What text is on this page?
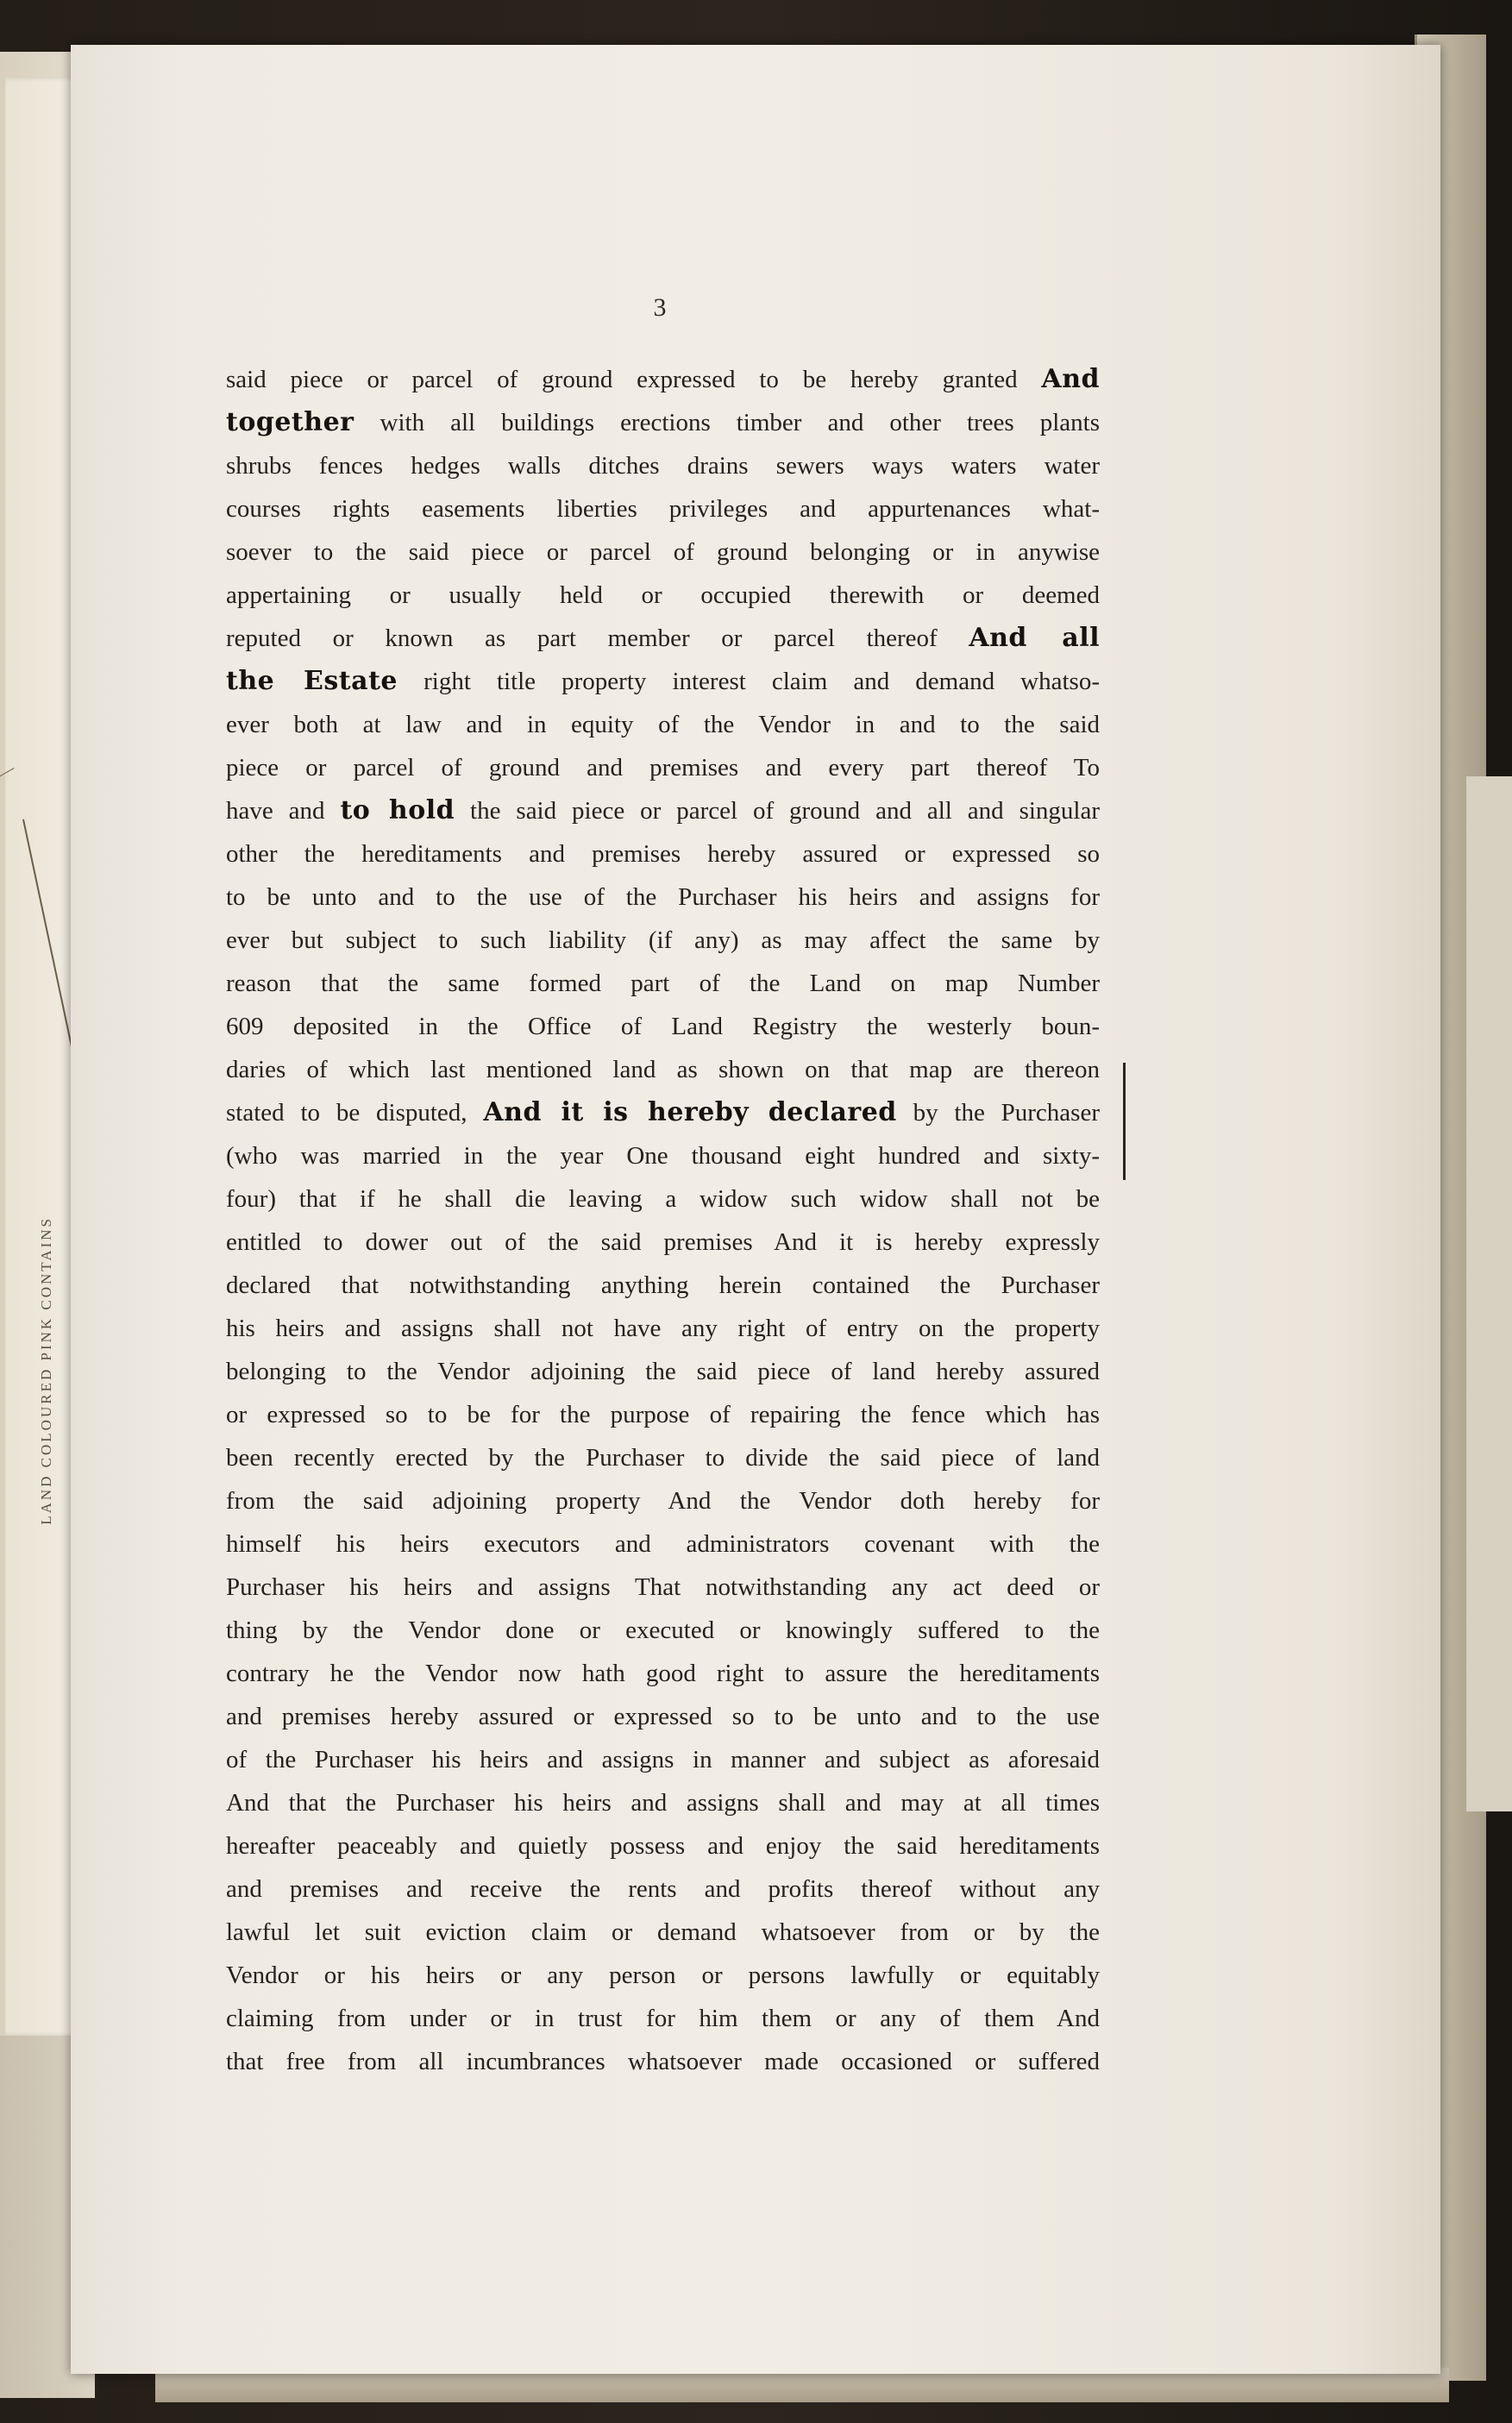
LAND COLOURED PINK CONTAINS
3
said piece or parcel of ground expressed to be hereby granted And
together with all buildings erections timber and other trees plants
shrubs fences hedges walls ditches drains sewers ways waters water
courses rights easements liberties privileges and appurtenances what-
soever to the said piece or parcel of ground belonging or in anywise
appertaining or usually held or occupied therewith or deemed
reputed or known as part member or parcel thereof And all
the Estate right title property interest claim and demand whatso-
ever both at law and in equity of the Vendor in and to the said
piece or parcel of ground and premises and every part thereof To
have and to hold the said piece or parcel of ground and all and singular
other the hereditaments and premises hereby assured or expressed so
to be unto and to the use of the Purchaser his heirs and assigns for
ever but subject to such liability (if any) as may affect the same by
reason that the same formed part of the Land on map Number
609 deposited in the Office of Land Registry the westerly boun-
daries of which last mentioned land as shown on that map are thereon
stated to be disputed, And it is hereby declared by the Purchaser
(who was married in the year One thousand eight hundred and sixty-
four) that if he shall die leaving a widow such widow shall not be
entitled to dower out of the said premises And it is hereby expressly
declared that notwithstanding anything herein contained the Purchaser
his heirs and assigns shall not have any right of entry on the property
belonging to the Vendor adjoining the said piece of land hereby assured
or expressed so to be for the purpose of repairing the fence which has
been recently erected by the Purchaser to divide the said piece of land
from the said adjoining property And the Vendor doth hereby for
himself his heirs executors and administrators covenant with the
Purchaser his heirs and assigns That notwithstanding any act deed or
thing by the Vendor done or executed or knowingly suffered to the
contrary he the Vendor now hath good right to assure the hereditaments
and premises hereby assured or expressed so to be unto and to the use
of the Purchaser his heirs and assigns in manner and subject as aforesaid
And that the Purchaser his heirs and assigns shall and may at all times
hereafter peaceably and quietly possess and enjoy the said hereditaments
and premises and receive the rents and profits thereof without any
lawful let suit eviction claim or demand whatsoever from or by the
Vendor or his heirs or any person or persons lawfully or equitably
claiming from under or in trust for him them or any of them And
that free from all incumbrances whatsoever made occasioned or suffered
